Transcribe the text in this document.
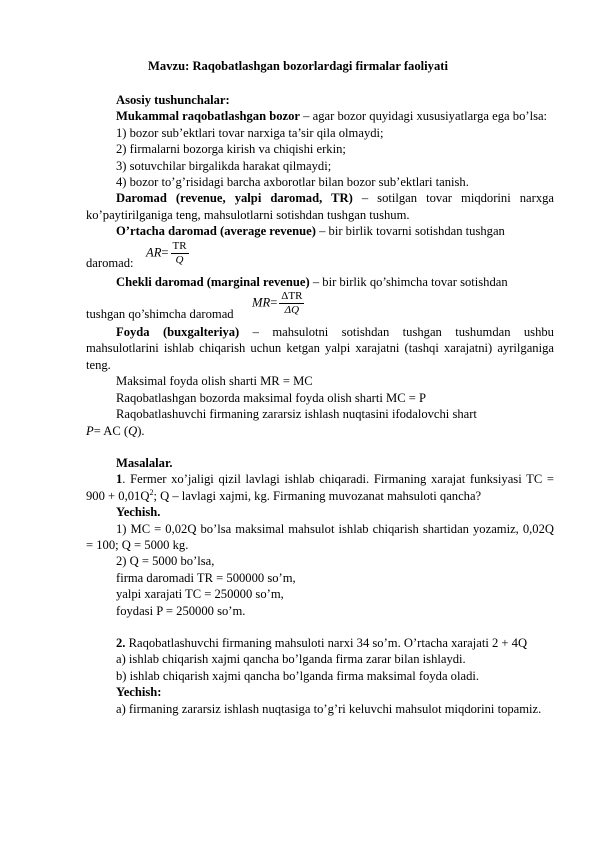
Mavzu: Raqobatlashgan bozorlardagi firmalar faoliyati

Asosiy tushunchalar:

Mukammal raqobatlashgan bozor – agar bozor quyidagi xususiyatlarga ega bo’lsa:

1) bozor sub’ektlari tovar narxiga ta’sir qila olmaydi;

2) firmalarni bozorga kirish va chiqishi erkin;

3) sotuvchilar birgalikda harakat qilmaydi;

4) bozor to’g’risidagi barcha axborotlar bilan bozor sub’ektlari tanish.

Daromad (revenue, yalpi daromad, TR) – sotilgan tovar miqdorini narxga ko’paytirilganiga teng, mahsulotlarni sotishdan tushgan tushum.

O’rtacha daromad (average revenue) – bir birlik tovarni sotishdan tushgan

daromad:
$AR= \frac{TR}{Q}$

Chekli daromad (marginal revenue) – bir birlik qo’shimcha tovar sotishdan

tushgan qo’shimcha daromad
$MR= \frac{\text{ΔTR}}{\Delta Q}$

Foyda (buxgalteriya) – mahsulotni sotishdan tushgan tushumdan ushbu mahsulotlarini ishlab chiqarish uchun ketgan yalpi xarajatni (tashqi xarajatni) ayrilganiga teng.

Maksimal foyda olish sharti MR = MC

Raqobatlashgan bozorda maksimal foyda olish sharti MC = P

Raqobatlashuvchi firmaning zararsiz ishlash nuqtasini ifodalovchi shart

P= AC (Q).

Masalalar.

1. Fermer xo’jaligi qizil lavlagi ishlab chiqaradi. Firmaning xarajat funksiyasi TC = $900 + 0,01Q^2$; Q – lavlagi xajmi, kg. Firmaning muvozanat mahsuloti qancha?

Yechish.

1) MC = 0,02Q bo’lsa maksimal mahsulot ishlab chiqarish shartidan yozamiz, 0,02Q = 100; Q = 5000 kg.

2) Q = 5000 bo’lsa,

firma daromadi TR = 500000 so’m,

yalpi xarajati TC = 250000 so’m,

foydasi P = 250000 so’m.

2. Raqobatlashuvchi firmaning mahsuloti narxi 34 so’m. O’rtacha xarajati 2 + 4Q

a) ishlab chiqarish xajmi qancha bo’lganda firma zarar bilan ishlaydi.

b) ishlab chiqarish xajmi qancha bo’lganda firma maksimal foyda oladi.

Yechish:

a) firmaning zararsiz ishlash nuqtasiga to’g’ri keluvchi mahsulot miqdorini topamiz.
